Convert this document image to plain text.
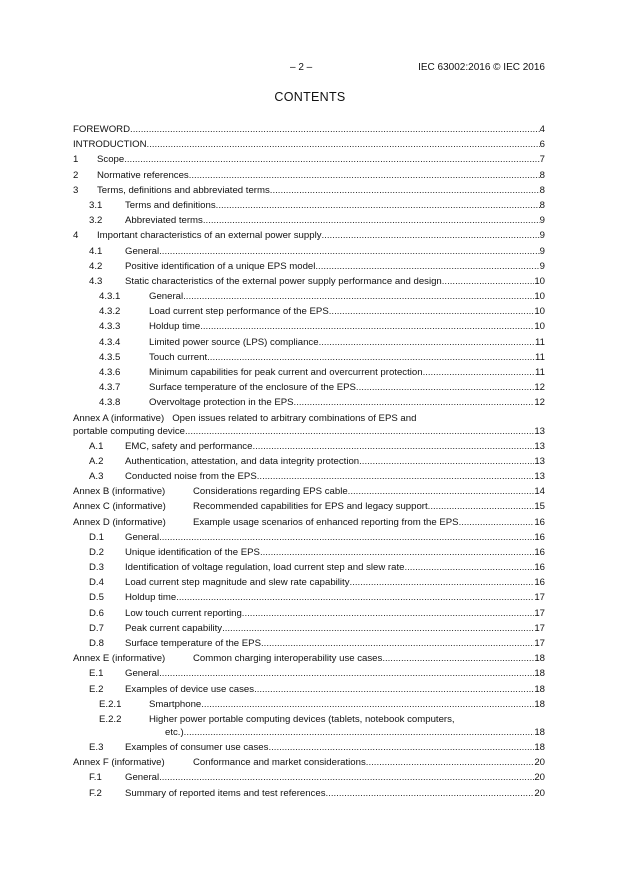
– 2 –	IEC 63002:2016 © IEC 2016
CONTENTS
FOREWORD .....	4
INTRODUCTION .....	6
1 Scope .....	7
2 Normative references .....	8
3 Terms, definitions and abbreviated terms .....	8
3.1 Terms and definitions .....	8
3.2 Abbreviated terms .....	9
4 Important characteristics of an external power supply .....	9
4.1 General .....	9
4.2 Positive identification of a unique EPS model .....	9
4.3 Static characteristics of the external power supply performance and design .....	10
4.3.1	General .....	10
4.3.2	Load current step performance of the EPS .....	10
4.3.3	Holdup time .....	10
4.3.4	Limited power source (LPS) compliance .....	11
4.3.5	Touch current .....	11
4.3.6	Minimum capabilities for peak current and overcurrent protection .....	11
4.3.7	Surface temperature of the enclosure of the EPS .....	12
4.3.8	Overvoltage protection in the EPS .....	12
Annex A (informative) Open issues related to arbitrary combinations of EPS and
portable computing device .....	13
A.1 EMC, safety and performance .....	13
A.2 Authentication, attestation, and data integrity protection .....	13
A.3 Conducted noise from the EPS .....	13
Annex B (informative)	Considerations regarding EPS cable .....	14
Annex C (informative)	Recommended capabilities for EPS and legacy support .....	15
Annex D (informative)	Example usage scenarios of enhanced reporting from the EPS .....	16
D.1 General .....	16
D.2 Unique identification of the EPS .....	16
D.3 Identification of voltage regulation, load current step and slew rate .....	16
D.4 Load current step magnitude and slew rate capability .....	16
D.5 Holdup time .....	17
D.6 Low touch current reporting .....	17
D.7 Peak current capability .....	17
D.8 Surface temperature of the EPS .....	17
Annex E (informative)	Common charging interoperability use cases .....	18
E.1 General .....	18
E.2 Examples of device use cases .....	18
E.2.1	Smartphone .....	18
E.2.2	Higher power portable computing devices (tablets, notebook computers,
etc.) .....	18
E.3 Examples of consumer use cases .....	18
Annex F (informative)	Conformance and market considerations .....	20
F.1 General .....	20
F.2 Summary of reported items and test references .....	20
